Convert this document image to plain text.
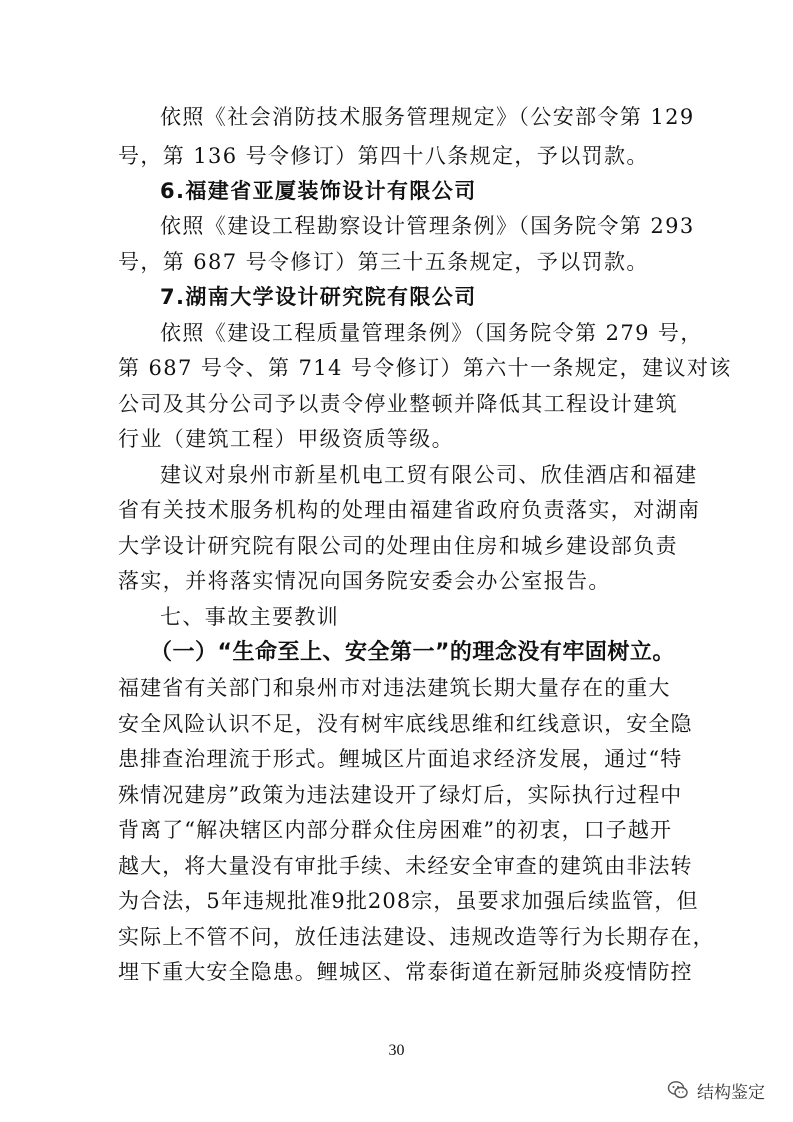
依照《社会消防技术服务管理规定》（公安部令第 129
号，第 136 号令修订）第四十八条规定，予以罚款。
6.福建省亚厦装饰设计有限公司
依照《建设工程勘察设计管理条例》（国务院令第 293
号，第 687 号令修订）第三十五条规定，予以罚款。
7.湖南大学设计研究院有限公司
依照《建设工程质量管理条例》（国务院令第 279 号，
第 687 号令、第 714 号令修订）第六十一条规定，建议对该
公司及其分公司予以责令停业整顿并降低其工程设计建筑
行业（建筑工程）甲级资质等级。
建议对泉州市新星机电工贸有限公司、欣佳酒店和福建
省有关技术服务机构的处理由福建省政府负责落实，对湖南
大学设计研究院有限公司的处理由住房和城乡建设部负责
落实，并将落实情况向国务院安委会办公室报告。
七、事故主要教训
（一）“生命至上、安全第一”的理念没有牢固树立。
福建省有关部门和泉州市对违法建筑长期大量存在的重大
安全风险认识不足，没有树牢底线思维和红线意识，安全隐
患排查治理流于形式。鲤城区片面追求经济发展，通过“特
殊情况建房”政策为违法建设开了绿灯后，实际执行过程中
背离了“解决辖区内部分群众住房困难”的初衷，口子越开
越大，将大量没有审批手续、未经安全审查的建筑由非法转
为合法，5年违规批准9批208宗，虽要求加强后续监管，但
实际上不管不问，放任违法建设、违规改造等行为长期存在，
埋下重大安全隐患。鲤城区、常泰街道在新冠肺炎疫情防控
30
结构鉴定
